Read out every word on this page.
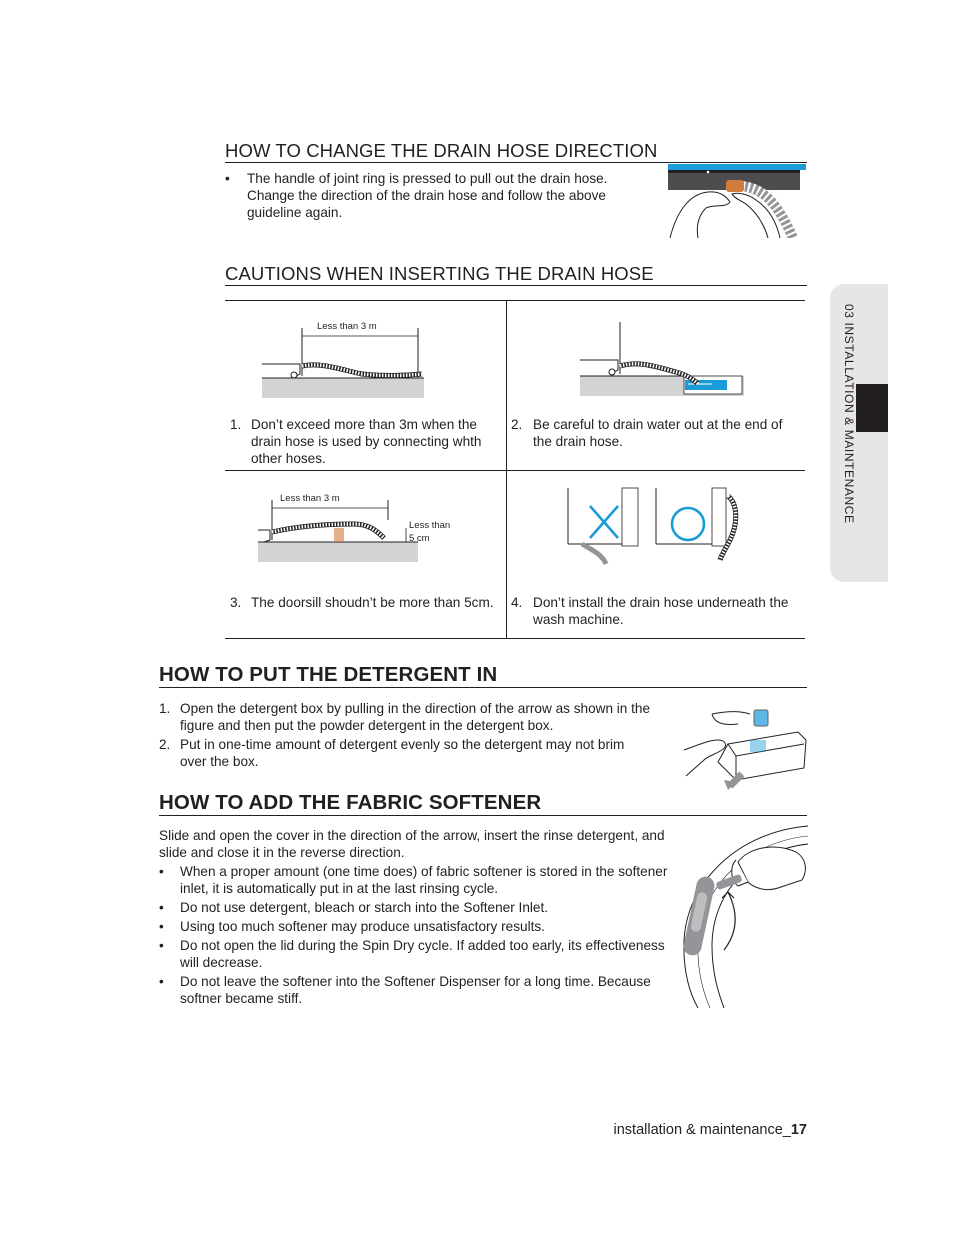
HOW TO CHANGE THE DRAIN HOSE DIRECTION
• The handle of joint ring is pressed to pull out the drain hose.
Change the direction of the drain hose and follow the above
guideline again.
CAUTIONS WHEN INSERTING THE DRAIN HOSE
Less than 3 m
1. Don’t exceed more than 3m when the
drain hose is used by connecting whth
other hoses.
2. Be careful to drain water out at the end of
the drain hose.
Less than 3 m
Less than
5 cm
3. The doorsill shoudn’t be more than 5cm.	4. Don’t install the drain hose underneath the
wash machine.
HOW TO PUT THE DETERGENT IN
1. Open the detergent box by pulling in the direction of the arrow as shown in the
figure and then put the powder detergent in the detergent box.
2. Put in one-time amount of detergent evenly so the detergent may not brim
over the box.
HOW TO ADD THE FABRIC SOFTENER
Slide and open the cover in the direction of the arrow, insert the rinse detergent, and
slide and close it in the reverse direction.
• When a proper amount (one time does) of fabric softener is stored in the softener
inlet, it is automatically put in at the last rinsing cycle.
• Do not use detergent, bleach or starch into the Softener Inlet.
• Using too much softener may produce unsatisfactory results.
• Do not open the lid during the Spin Dry cycle. If added too early, its effectiveness
will decrease.
• Do not leave the softener into the Softener Dispenser for a long time. Because
softner became stiff.
03 INSTALLATION & MAINTENANCE
installation & maintenance_17
